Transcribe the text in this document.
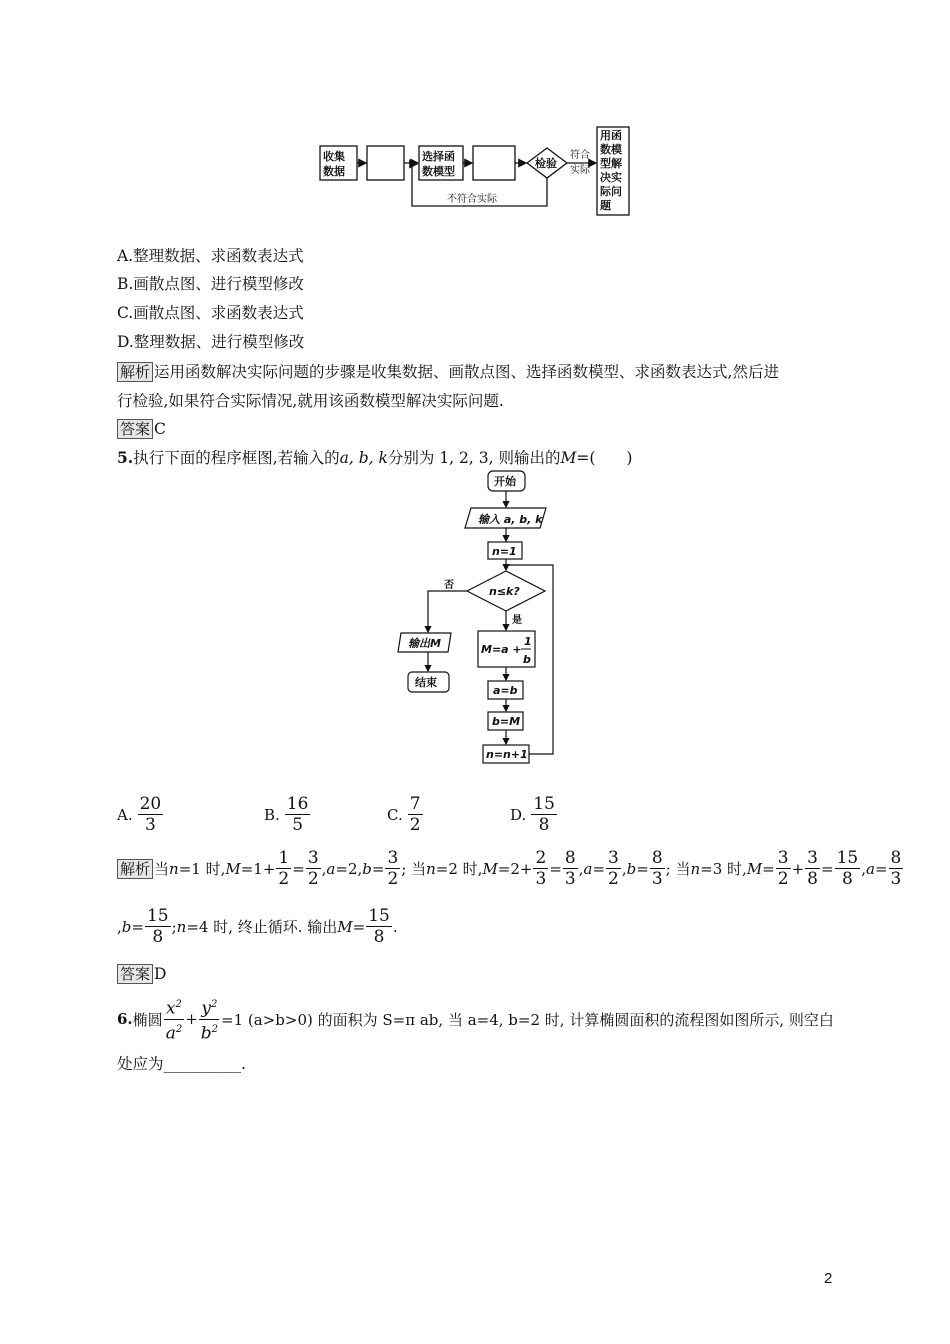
收集
数据
选择函
数模型
检验
用函
数模
型解
决实
际问
题
符合
实际
不符合实际
A.整理数据、求函数表达式
B.画散点图、进行模型修改
C.画散点图、求函数表达式
D.整理数据、进行模型修改
解析 运用函数解决实际问题的步骤是收集数据、画散点图、选择函数模型、求函数表达式,然后进
行检验,如果符合实际情况,就用该函数模型解决实际问题.
答案 C
5.执行下面的程序框图,若输入的a, b, k分别为 1, 2, 3, 则输出的M=(　　)
开始
输入 a, b, k
n=1
n≤k?
M=a +
1
b
a=b
b=M
n=n+1
输出M
结束
否
是
A. $\frac{20}{3}$	B. $\frac{16}{5}$	C. $\frac{7}{2}$	D. $\frac{15}{8}$
解析 当 n =1 时, $M =1+ \frac{1}{2} = \frac{3}{2}$ , a =2, $b = \frac{3}{2}$ ; 当 n =2 时, $M =2+ \frac{2}{3} = \frac{8}{3}$ , $a = \frac{3}{2}$ , $b = \frac{8}{3}$ ; 当 n =3 时, $M = \frac{3}{2} + \frac{3}{8} = \frac{15}{8}$ , $a = \frac{8}{3}$
, $b = \frac{15}{8}$ ; n =4 时, 终止循环. 输出 $M = \frac{15}{8}$ .
答案 D
6. 椭圆 $\frac{x^2}{a^2} + \frac{y^2}{b^2} =1$ (a>b>0) 的面积为 S=π ab, 当 a=4, b=2 时, 计算椭圆面积的流程图如图所示, 则空白
处应为__________.
2
